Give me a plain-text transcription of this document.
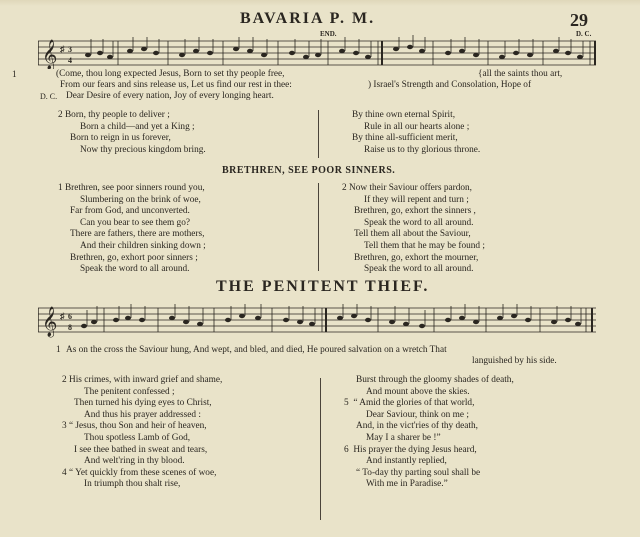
BAVARIA P. M.	29
END.	D. C.
𝄞 ♯ 3
4
1	(Come, thou long expected Jesus, Born to set thy people free,
From our fears and sins release us, Let us find our rest in thee:
D. C. Dear Desire of every nation, Joy of every longing heart.
{all the saints thou art,
) Israel's Strength and Consolation, Hope of
2 Born, thy people to deliver ;
Born a child—and yet a King ;
Born to reign in us forever,
Now thy precious kingdom bring.
By thine own eternal Spirit,
Rule in all our hearts alone ;
By thine all-sufficient merit,
Raise us to thy glorious throne.
BRETHREN, SEE POOR SINNERS.
1 Brethren, see poor sinners round you,
Slumbering on the brink of woe,
Far from God, and unconverted.
Can you bear to see them go?
There are fathers, there are mothers,
And their children sinking down ;
Brethren, go, exhort poor sinners ;
Speak the word to all around.
2 Now their Saviour offers pardon,
If they will repent and turn ;
Brethren, go, exhort the sinners ,
Speak the word to all around.
Tell them all about the Saviour,
Tell them that he may be found ;
Brethren, go, exhort the mourner,
Speak the word to all around.
THE PENITENT THIEF.
𝄞 ♯ 6
8
1 As on the cross the Saviour hung, And wept, and bled, and died, He poured salvation on a wretch That
languished by his side.
2 His crimes, with inward grief and shame,
The penitent confessed ;
Then turned his dying eyes to Christ,
And thus his prayer addressed :
3 “ Jesus, thou Son and heir of heaven,
Thou spotless Lamb of God,
I see thee bathed in sweat and tears,
And welt'ring in thy blood.
4 “ Yet quickly from these scenes of woe,
In triumph thou shalt rise,
Burst through the gloomy shades of death,
And mount above the skies.
5 “ Amid the glories of that world,
Dear Saviour, think on me ;
And, in the vict'ries of thy death,
May I a sharer be !”
6 His prayer the dying Jesus heard,
And instantly replied,
“ To-day thy parting soul shall be
With me in Paradise.”
